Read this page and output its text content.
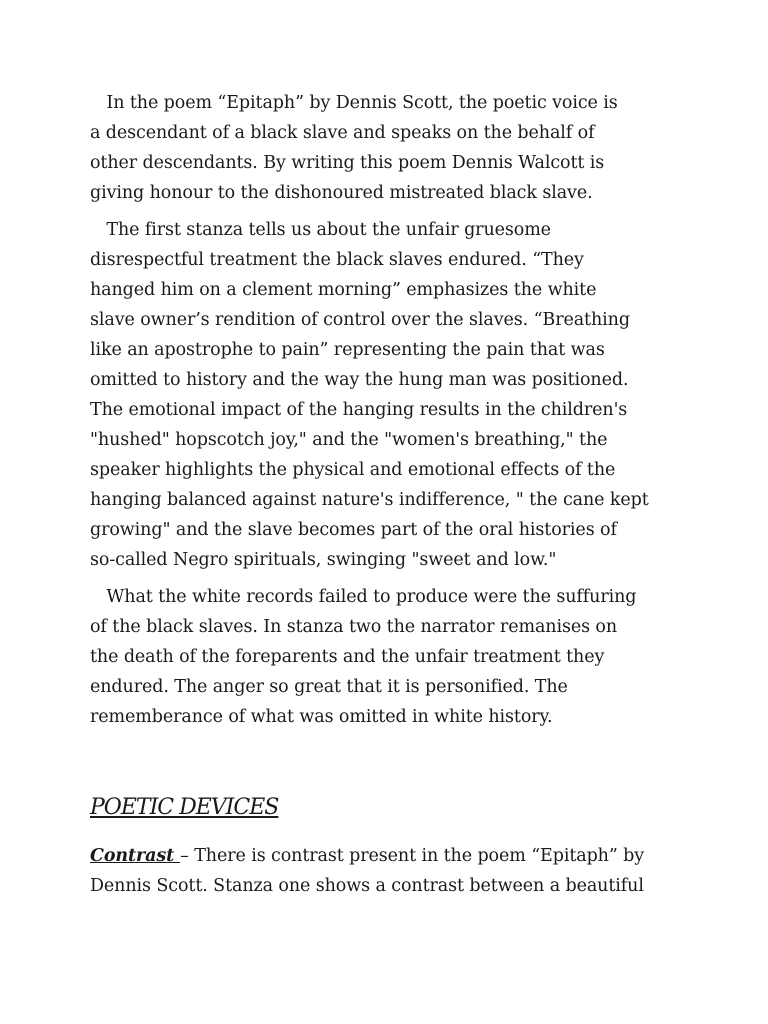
In the poem “Epitaph” by Dennis Scott, the poetic voice is
a descendant of a black slave and speaks on the behalf of
other descendants. By writing this poem Dennis Walcott is
giving honour to the dishonoured mistreated black slave.
The first stanza tells us about the unfair gruesome
disrespectful treatment the black slaves endured. “They
hanged him on a clement morning” emphasizes the white
slave owner’s rendition of control over the slaves. “Breathing
like an apostrophe to pain” representing the pain that was
omitted to history and the way the hung man was positioned.
The emotional impact of the hanging results in the children's
"hushed" hopscotch joy," and the "women's breathing," the
speaker highlights the physical and emotional effects of the
hanging balanced against nature's indifference, " the cane kept
growing" and the slave becomes part of the oral histories of
so-called Negro spirituals, swinging "sweet and low."
What the white records failed to produce were the suffuring
of the black slaves. In stanza two the narrator remanises on
the death of the foreparents and the unfair treatment they
endured. The anger so great that it is personified. The
rememberance of what was omitted in white history.
POETIC DEVICES
Contrast – There is contrast present in the poem “Epitaph” by
Dennis Scott. Stanza one shows a contrast between a beautiful
